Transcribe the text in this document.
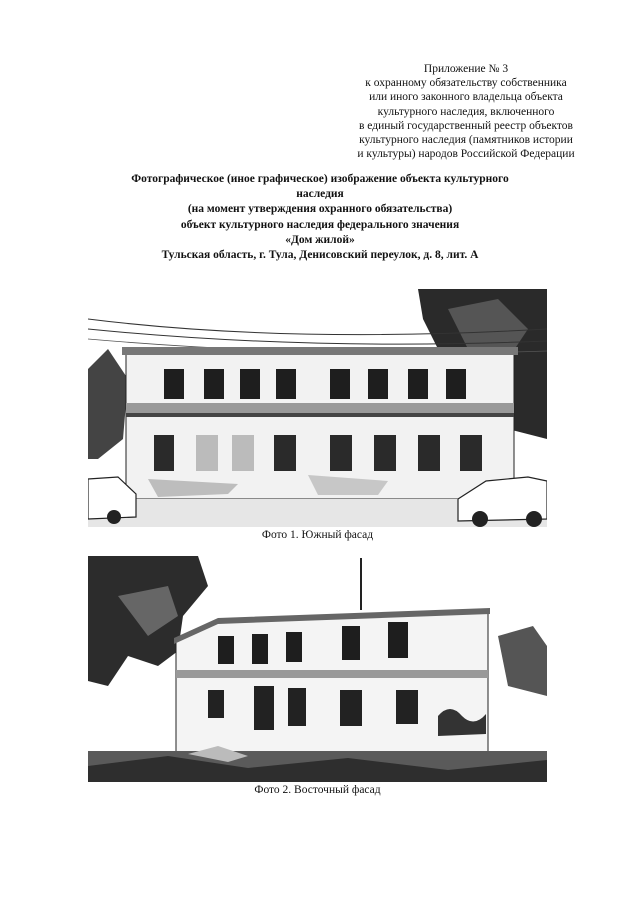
Приложение № 3
к охранному обязательству собственника
или иного законного владельца объекта
культурного наследия, включенного
в единый государственный реестр объектов
культурного наследия (памятников истории
и культуры) народов Российской Федерации
Фотографическое (иное графическое) изображение объекта культурного
наследия
(на момент утверждения охранного обязательства)
объект культурного наследия федерального значения
«Дом жилой»
Тульская область, г. Тула, Денисовский переулок, д. 8, лит. А
Фото 1. Южный фасад
Фото 2. Восточный фасад
